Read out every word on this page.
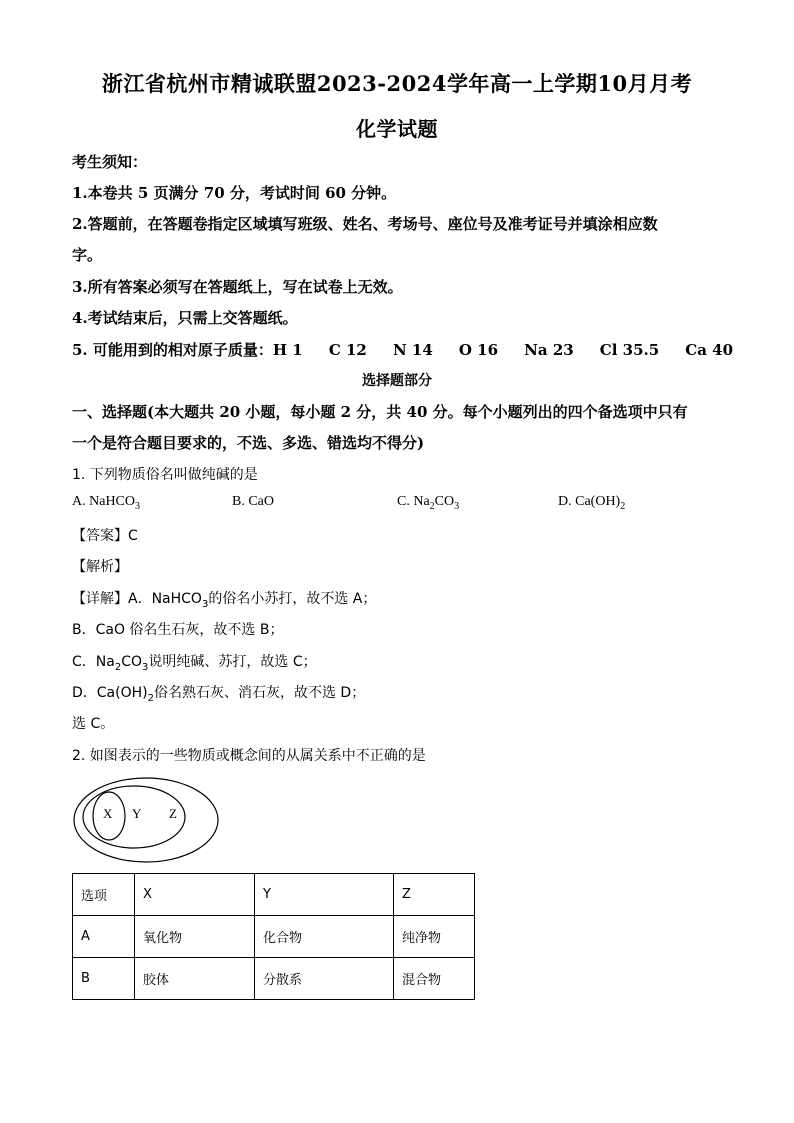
浙江省杭州市精诚联盟2023-2024学年高一上学期10月月考
化学试题
考生须知：
1.本卷共 5 页满分 70 分，考试时间 60 分钟。
2.答题前，在答题卷指定区域填写班级、姓名、考场号、座位号及准考证号并填涂相应数
字。
3.所有答案必须写在答题纸上，写在试卷上无效。
4.考试结束后，只需上交答题纸。
5. 可能用到的相对原子质量：H 1     C 12     N 14     O 16     Na 23     Cl 35.5     Ca 40
选择题部分
一、选择题(本大题共 20 小题，每小题 2 分，共 40 分。每个小题列出的四个备选项中只有
一个是符合题目要求的，不选、多选、错选均不得分)
1. 下列物质俗名叫做纯碱的是
A. NaHCO$_3$	B. CaO	C. $Na_2CO_3$	D. $Ca(OH)_2$
【答案】C
【解析】
【详解】A．NaHCO$_3$的俗名小苏打，故不选 A；
B．CaO 俗名生石灰，故不选 B；
C．$Na_2CO_3$说明纯碱、苏打，故选 C；
D．$Ca(OH)_2$俗名熟石灰、消石灰，故不选 D；
选 C。
2. 如图表示的一些物质或概念间的从属关系中不正确的是
X Y Z
选项	X	Y	Z
A	氧化物	化合物	纯净物
B	胶体	分散系	混合物
